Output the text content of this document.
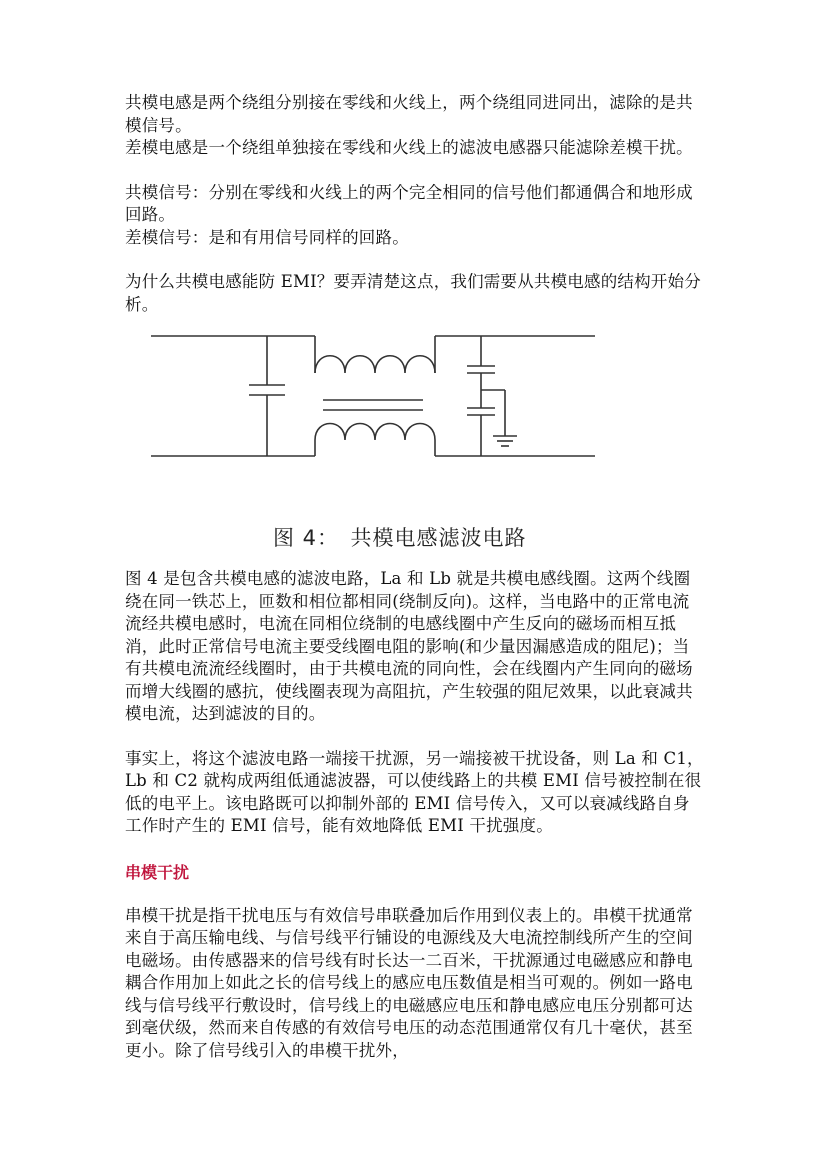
共模电感是两个绕组分别接在零线和火线上，两个绕组同进同出，滤除的是共模信号。

差模电感是一个绕组单独接在零线和火线上的滤波电感器只能滤除差模干扰。

共模信号：分别在零线和火线上的两个完全相同的信号他们都通偶合和地形成回路。

差模信号：是和有用信号同样的回路。

为什么共模电感能防 EMI？要弄清楚这点，我们需要从共模电感的结构开始分析。

图 4：　共模电感滤波电路

图 4 是包含共模电感的滤波电路，La 和 Lb 就是共模电感线圈。这两个线圈绕在同一铁芯上，匝数和相位都相同(绕制反向)。这样，当电路中的正常电流流经共模电感时，电流在同相位绕制的电感线圈中产生反向的磁场而相互抵消，此时正常信号电流主要受线圈电阻的影响(和少量因漏感造成的阻尼)；当有共模电流流经线圈时，由于共模电流的同向性，会在线圈内产生同向的磁场而增大线圈的感抗，使线圈表现为高阻抗，产生较强的阻尼效果，以此衰减共模电流，达到滤波的目的。

事实上，将这个滤波电路一端接干扰源，另一端接被干扰设备，则 La 和 C1，Lb 和 C2 就构成两组低通滤波器，可以使线路上的共模 EMI 信号被控制在很低的电平上。该电路既可以抑制外部的 EMI 信号传入，又可以衰减线路自身工作时产生的 EMI 信号，能有效地降低 EMI 干扰强度。

串模干扰

串模干扰是指干扰电压与有效信号串联叠加后作用到仪表上的。串模干扰通常来自于高压输电线、与信号线平行铺设的电源线及大电流控制线所产生的空间电磁场。由传感器来的信号线有时长达一二百米，干扰源通过电磁感应和静电耦合作用加上如此之长的信号线上的感应电压数值是相当可观的。例如一路电线与信号线平行敷设时，信号线上的电磁感应电压和静电感应电压分别都可达到毫伏级，然而来自传感的有效信号电压的动态范围通常仅有几十毫伏，甚至更小。除了信号线引入的串模干扰外，
